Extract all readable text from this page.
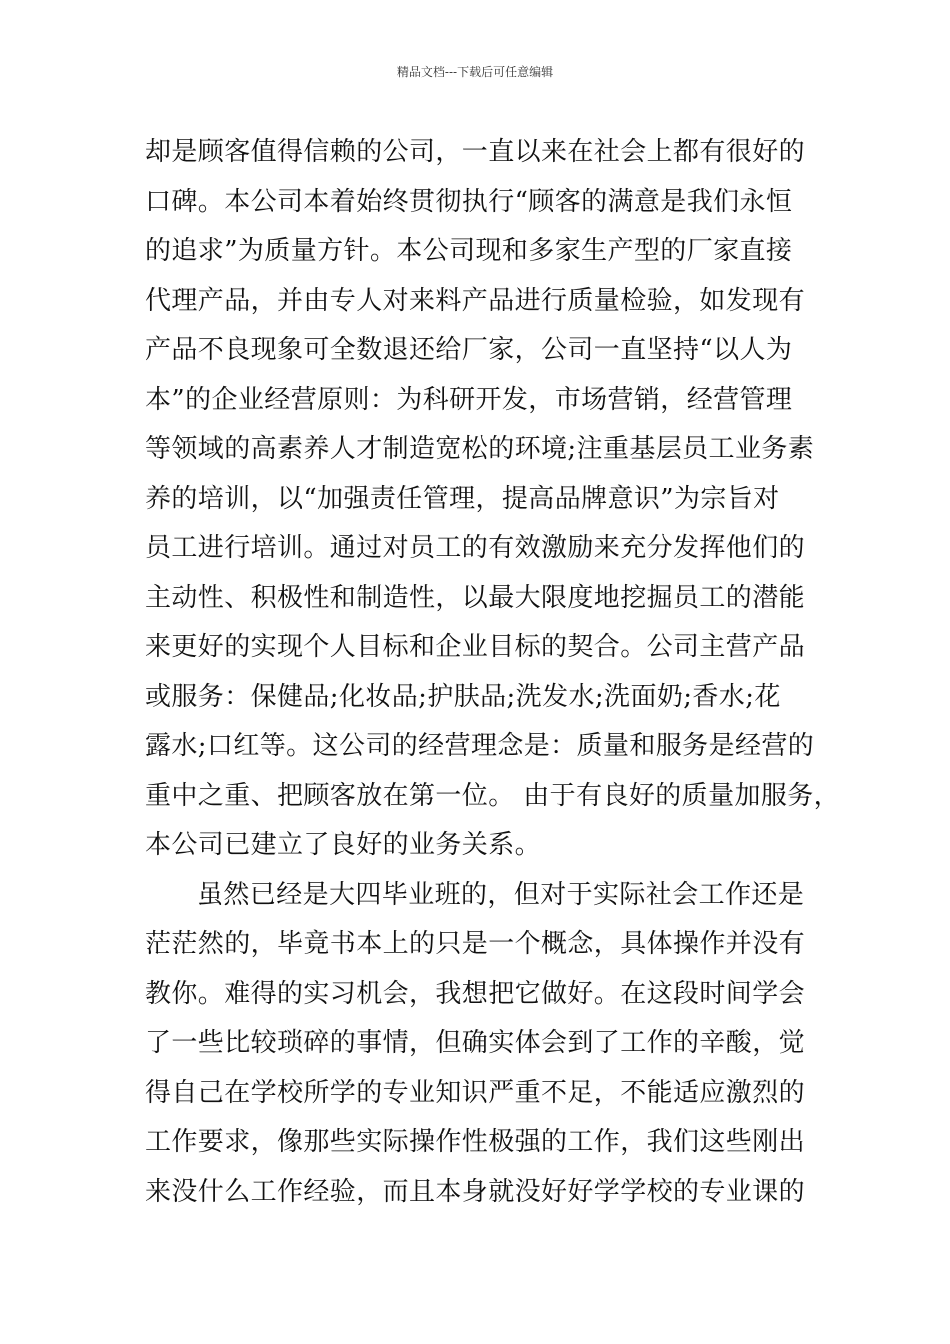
精品文档---下载后可任意编辑
却是顾客值得信赖的公司，一直以来在社会上都有很好的
口碑。本公司本着始终贯彻执行“顾客的满意是我们永恒
的追求”为质量方针。本公司现和多家生产型的厂家直接
代理产品，并由专人对来料产品进行质量检验，如发现有
产品不良现象可全数退还给厂家，公司一直坚持“以人为
本”的企业经营原则：为科研开发，市场营销，经营管理
等领域的高素养人才制造宽松的环境;注重基层员工业务素
养的培训，以“加强责任管理，提高品牌意识”为宗旨对
员工进行培训。通过对员工的有效激励来充分发挥他们的
主动性、积极性和制造性，以最大限度地挖掘员工的潜能
来更好的实现个人目标和企业目标的契合。公司主营产品
或服务：保健品;化妆品;护肤品;洗发水;洗面奶;香水;花
露水;口红等。这公司的经营理念是：质量和服务是经营的
重中之重、把顾客放在第一位。 由于有良好的质量加服务，
本公司已建立了良好的业务关系。
虽然已经是大四毕业班的，但对于实际社会工作还是
茫茫然的，毕竟书本上的只是一个概念，具体操作并没有
教你。难得的实习机会，我想把它做好。在这段时间学会
了一些比较琐碎的事情，但确实体会到了工作的辛酸，觉
得自己在学校所学的专业知识严重不足，不能适应激烈的
工作要求，像那些实际操作性极强的工作，我们这些刚出
来没什么工作经验，而且本身就没好好学学校的专业课的
